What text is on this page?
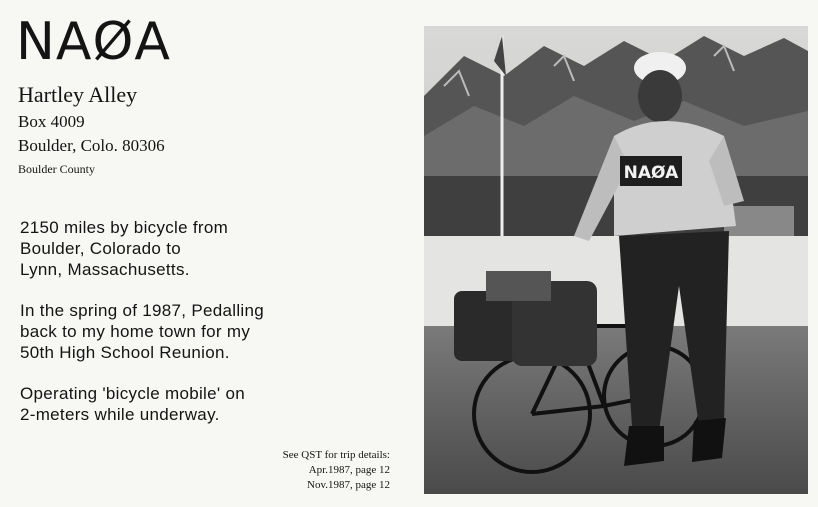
NAØA
Hartley Alley
Box 4009
Boulder, Colo. 80306
Boulder County
2150 miles by bicycle from
Boulder, Colorado to
Lynn, Massachusetts.
In the spring of 1987, Pedalling
back to my home town for my
50th High School Reunion.
Operating 'bicycle mobile' on
2-meters while underway.
See QST for trip details:
Apr.1987, page 12
Nov.1987, page 12
NAØA
